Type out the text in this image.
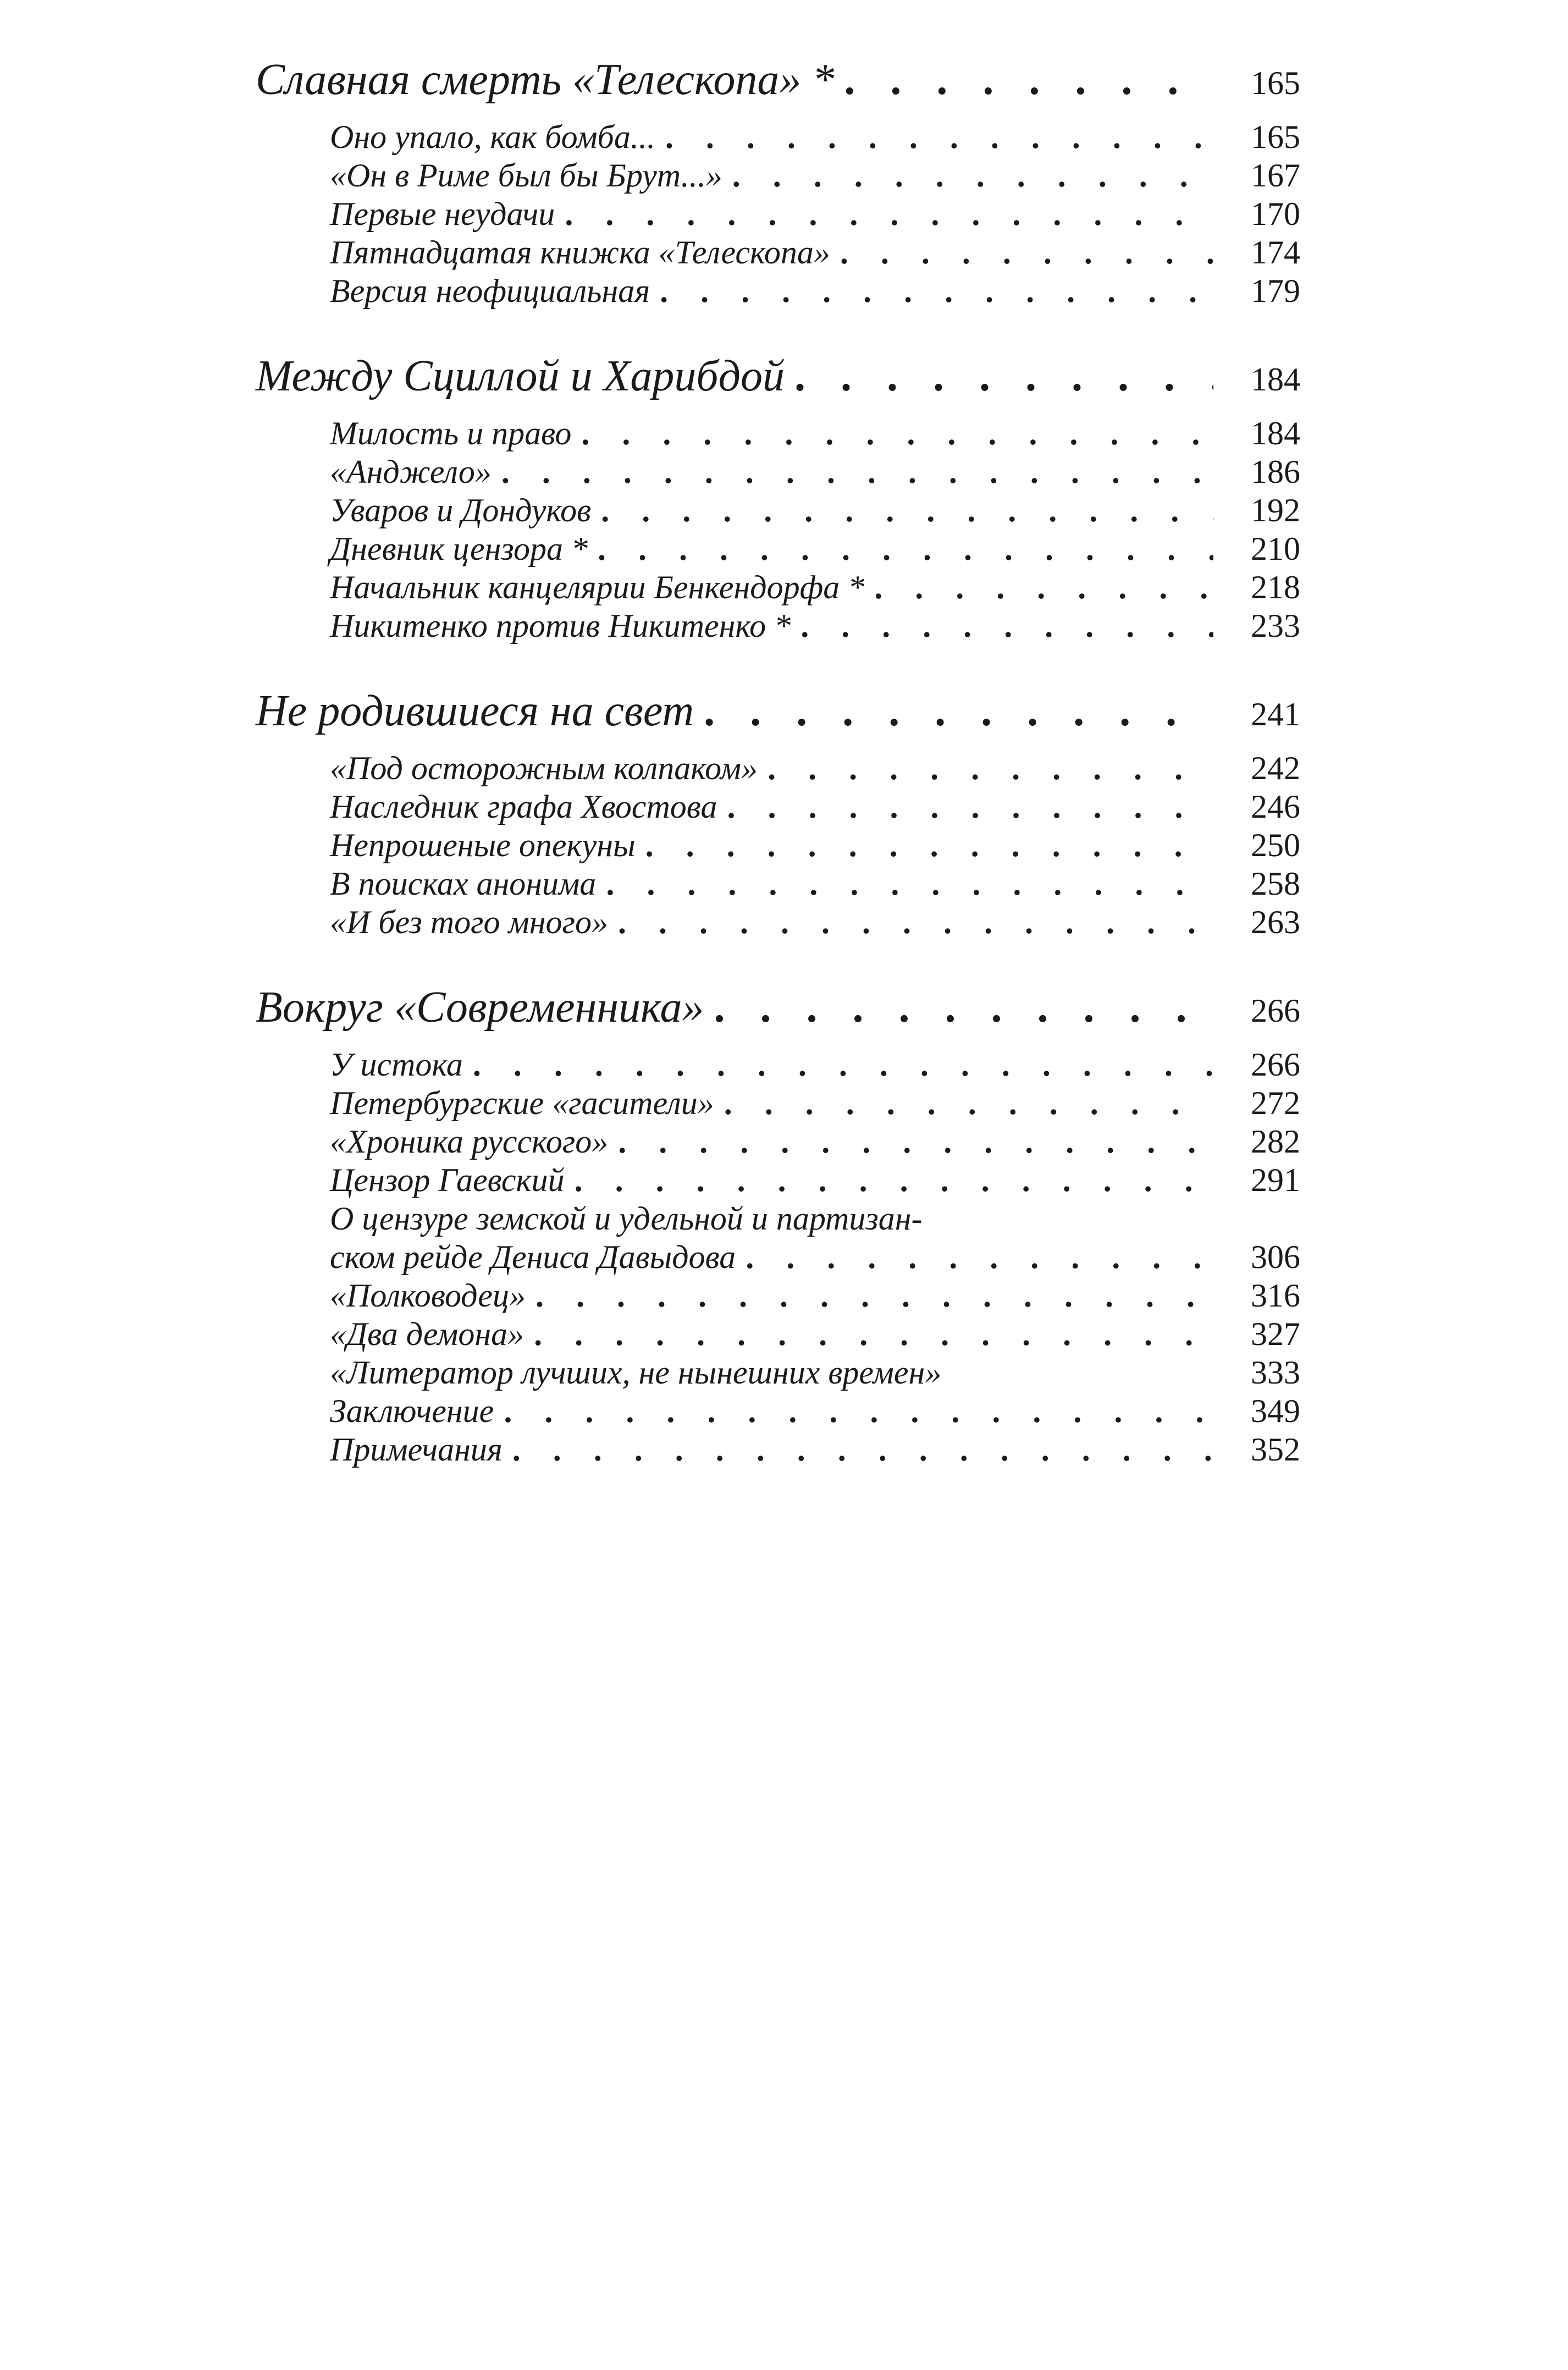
Славная смерть «Телескопа» * . . .	165
Оно упало, как бомба... . . .	165
«Он в Риме был бы Брут...» . . .	167
Первые неудачи . . .	170
Пятнадцатая книжка «Телескопа» . . .	174
Версия неофициальная . . .	179
Между Сциллой и Харибдой . . .	184
Милость и право . . .	184
«Анджело» . . .	186
Уваров и Дондуков . . .	192
Дневник цензора * . . .	210
Начальник канцелярии Бенкендорфа * . . .	218
Никитенко против Никитенко * . . .	233
Не родившиеся на свет . . .	241
«Под осторожным колпаком» . . .	242
Наследник графа Хвостова . . .	246
Непрошеные опекуны . . .	250
В поисках анонима . . .	258
«И без того много» . . .	263
Вокруг «Современника» . . .	266
У истока . . .	266
Петербургские «гасители» . . .	272
«Хроника русского» . . .	282
Цензор Гаевский . . .	291
О цензуре земской и удельной и партизан-
ском рейде Дениса Давыдова . . .	306
«Полководец» . . .	316
«Два демона» . . .	327
«Литератор лучших, не нынешних времен»	333
Заключение . . .	349
Примечания . . .	352
